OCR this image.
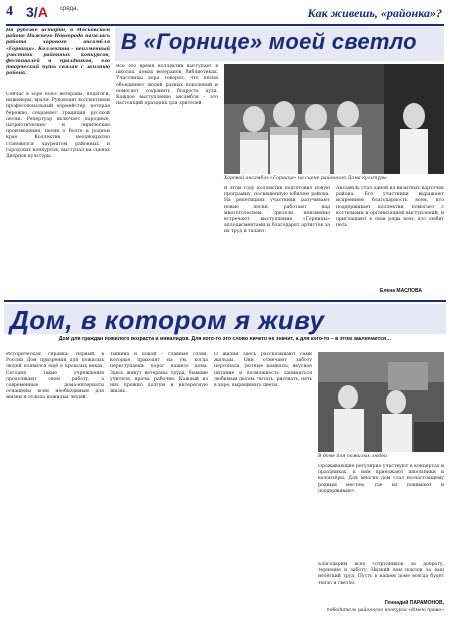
4 3/А среда,	Как живешь, «районка»?
На рубеже истории, в Московском районе Нижнего Новгорода началась работа хорового ансамбля «Горница». Коллектив – неизменный участник районных конкурсов, фестивалей и праздников, его творческий путь связан с жизнью района.
В «Горнице» моей светло
Сейчас в хоре поют ветераны, педагоги, инженеры, врачи. Руководит коллективом профессиональный хормейстер, которая бережно сохраняет традиции русской песни. Репертуар включает народные, патриотические и лирические произведения, песни о Волге и родном крае. Коллектив неоднократно становился лауреатом районных и городских конкурсов, выступал на сценах Дворцов культуры.
Всё это время коллектив выступает в школах, домах ветеранов, библиотеках. Участницы хора говорят, что песня объединяет людей разных поколений и помогает сохранить бодрость духа. Каждое выступление ансамбля – это настоящий праздник для зрителей.
Хоровой ансамбль «Горница» на сцене районного Дома культуры
В этом году коллектив подготовил новую программу, посвященную юбилею района. На репетициях участники разучивают новые песни, работают над многоголосием. Зрители неизменно встречают выступления «Горницы» аплодисментами и благодарят артистов за их труд и талант.
Ансамбль стал одной из визитных карточек района. Его участники выражают искреннюю благодарность всем, кто поддерживает коллектив, помогает с костюмами и организацией выступлений, и приглашают в свои ряды всех, кто любит петь.
Елена МАСЛОВА
Дом, в котором я живу
Дом для граждан пожилого возраста и инвалидов. Для кого-то это слово ничего не значит, а для кого-то – в этом заключается…
Историческая справка: первый в России Дом призрения для пожилых людей появился ещё в прошлых веках. Сегодня такие учреждения продолжают свою работу, а современные дома-интернаты оснащены всем необходимым для жизни и отдыха пожилых людей.
Тишина и покой – главные слова, которые приходят на ум, когда переступаешь порог нашего дома. Здесь живут ветераны труда, бывшие учителя, врачи, рабочие. Каждый из них прожил долгую и интересную жизнь.
О жизни здесь рассказывают сами жильцы. Они отмечают заботу персонала, уютные комнаты, вкусное питание и возможность заниматься любимым делом: читать, рисовать, петь в хоре, выращивать цветы.
В доме для пожилых людей
Проживающие регулярно участвуют в концертах и праздниках, к ним приезжают школьники и волонтёры. Для многих дом стал по-настоящему родным местом, где их понимают и поддерживают.
Благодарим всех сотрудников за доброту, терпение и заботу. Низкий вам поклон за ваш нелёгкий труд. Пусть в нашем доме всегда будет тепло и светло.
Геннадий ПАРАМОНОВ,
победитель районного конкурса «Имею право»
